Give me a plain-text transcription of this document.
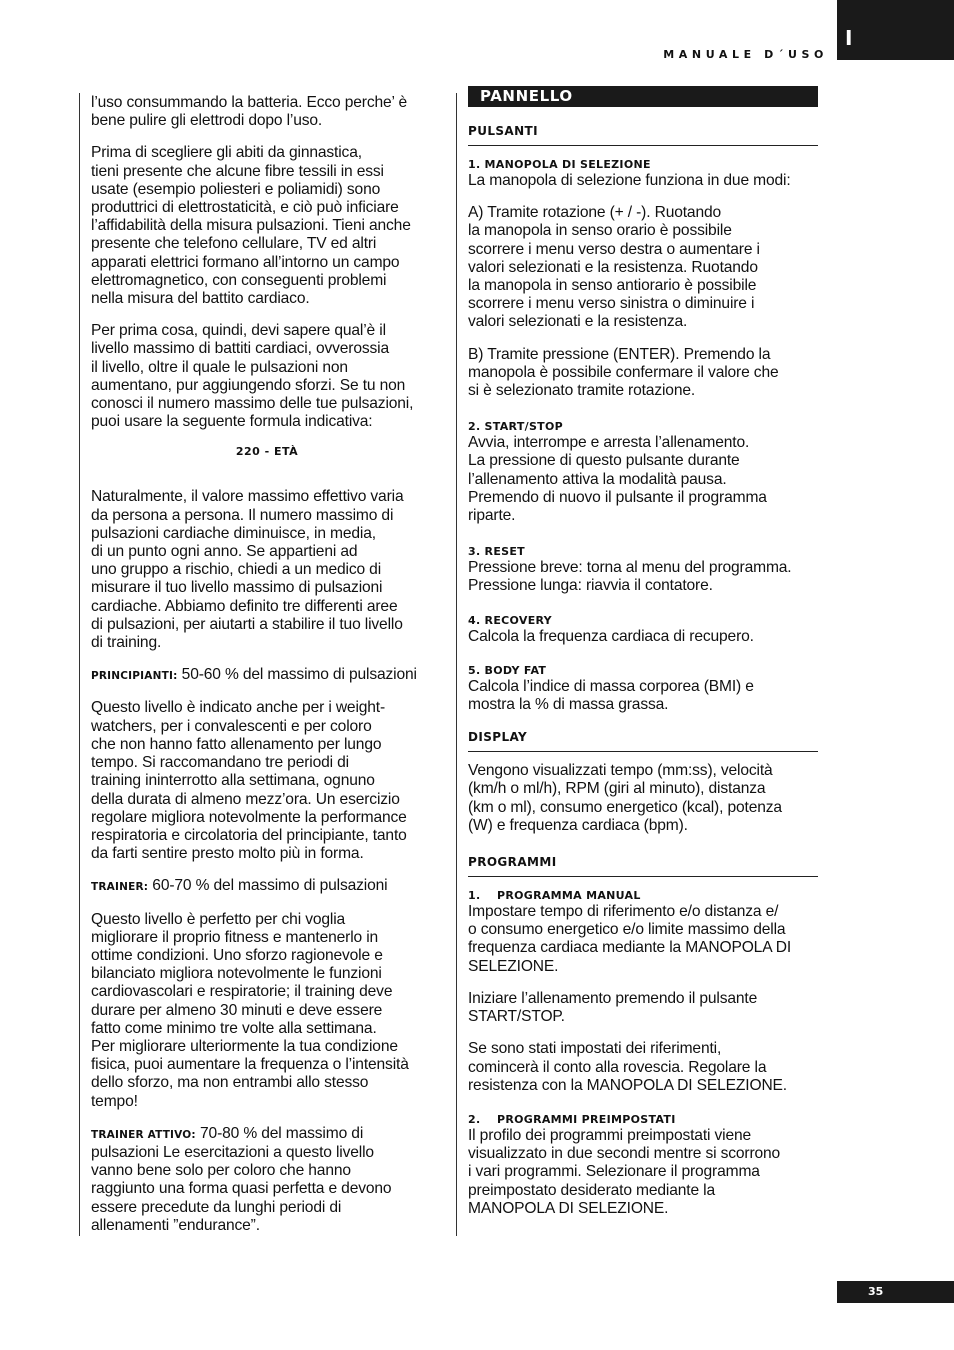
MANUALE D´USO
I
l’uso consummando la batteria. Ecco perche’ è
bene pulire gli elettrodi dopo l’uso.
Prima di scegliere gli abiti da ginnastica,
tieni presente che alcune fibre tessili in essi
usate (esempio poliesteri e poliamidi) sono
produttrici di elettrostaticità, e ciò può inficiare
l’affidabilità della misura pulsazioni. Tieni anche
presente che telefono cellulare, TV ed altri
apparati elettrici formano all’intorno un campo
elettromagnetico, con conseguenti problemi
nella misura del battito cardiaco.
Per prima cosa, quindi, devi sapere qual’è il
livello massimo di battiti cardiaci, ovverossia
il livello, oltre il quale le pulsazioni non
aumentano, pur aggiungendo sforzi. Se tu non
conosci il numero massimo delle tue pulsazioni,
puoi usare la seguente formula indicativa:
220 - ETÀ
Naturalmente, il valore massimo effettivo varia
da persona a persona. Il numero massimo di
pulsazioni cardiache diminuisce, in media,
di un punto ogni anno. Se appartieni ad
uno gruppo a rischio, chiedi a un medico di
misurare il tuo livello massimo di pulsazioni
cardiache. Abbiamo definito tre differenti aree
di pulsazioni, per aiutarti a stabilire il tuo livello
di training.
PRINCIPIANTI: 50-60 % del massimo di pulsazioni
Questo livello è indicato anche per i weight-
watchers, per i convalescenti e per coloro
che non hanno fatto allenamento per lungo
tempo. Si raccomandano tre periodi di
training ininterrotto alla settimana, ognuno
della durata di almeno mezz’ora. Un esercizio
regolare migliora notevolmente la performance
respiratoria e circolatoria del principiante, tanto
da farti sentire presto molto più in forma.
TRAINER: 60-70 % del massimo di pulsazioni
Questo livello è perfetto per chi voglia
migliorare il proprio fitness e mantenerlo in
ottime condizioni. Uno sforzo ragionevole e
bilanciato migliora notevolmente le funzioni
cardiovascolari e respiratorie; il training deve
durare per almeno 30 minuti e deve essere
fatto come minimo tre volte alla settimana.
Per migliorare ulteriormente la tua condizione
fisica, puoi aumentare la frequenza o l’intensità
dello sforzo, ma non entrambi allo stesso
tempo!
TRAINER ATTIVO: 70-80 % del massimo di
pulsazioni Le esercitazioni a questo livello
vanno bene solo per coloro che hanno
raggiunto una forma quasi perfetta e devono
essere precedute da lunghi periodi di
allenamenti ”endurance”.
PANNELLO
PULSANTI
1. MANOPOLA DI SELEZIONE
La manopola di selezione funziona in due modi:
A) Tramite rotazione (+ / -). Ruotando
la manopola in senso orario è possibile
scorrere i menu verso destra o aumentare i
valori selezionati e la resistenza. Ruotando
la manopola in senso antiorario è possibile
scorrere i menu verso sinistra o diminuire i
valori selezionati e la resistenza.
B) Tramite pressione (ENTER). Premendo la
manopola è possibile confermare il valore che
si è selezionato tramite rotazione.
2. START/STOP
Avvia, interrompe e arresta l’allenamento.
La pressione di questo pulsante durante
l’allenamento attiva la modalità pausa.
Premendo di nuovo il pulsante il programma
riparte.
3. RESET
Pressione breve: torna al menu del programma.
Pressione lunga: riavvia il contatore.
4. RECOVERY
Calcola la frequenza cardiaca di recupero.
5. BODY FAT
Calcola l’indice di massa corporea (BMI) e
mostra la % di massa grassa.
DISPLAY
Vengono visualizzati tempo (mm:ss), velocità
(km/h o ml/h), RPM (giri al minuto), distanza
(km o ml), consumo energetico (kcal), potenza
(W) e frequenza cardiaca (bpm).
PROGRAMMI
1.    PROGRAMMA MANUAL
Impostare tempo di riferimento e/o distanza e/
o consumo energetico e/o limite massimo della
frequenza cardiaca mediante la MANOPOLA DI
SELEZIONE.
Iniziare l’allenamento premendo il pulsante
START/STOP.
Se sono stati impostati dei riferimenti,
comincerà il conto alla rovescia. Regolare la
resistenza con la MANOPOLA DI SELEZIONE.
2.    PROGRAMMI PREIMPOSTATI
Il profilo dei programmi preimpostati viene
visualizzato in due secondi mentre si scorrono
i vari programmi. Selezionare il programma
preimpostato desiderato mediante la
MANOPOLA DI SELEZIONE.
35
